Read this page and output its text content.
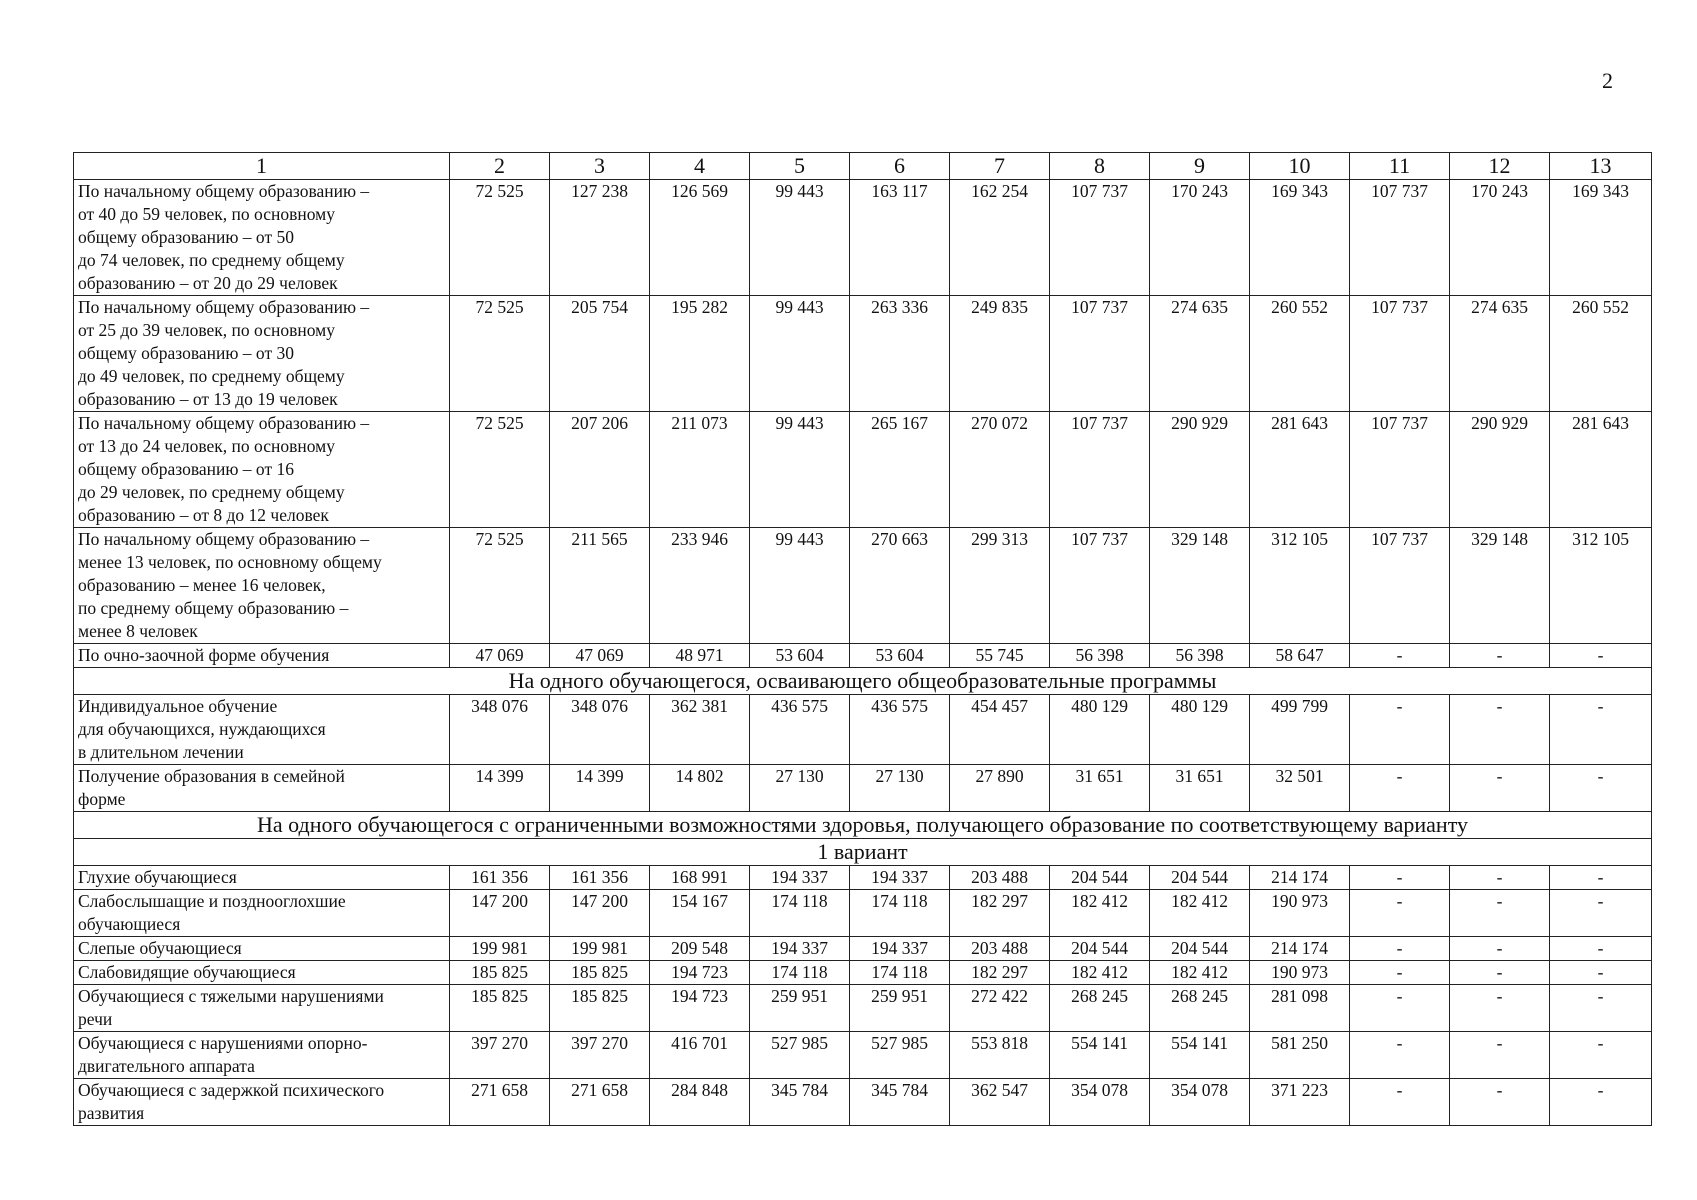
2
1	2	3	4	5	6	7	8	9	10	11	12	13

По начальному общему образованию –
от 40 до 59 человек, по основному
общему образованию – от 50
до 74 человек, по среднему общему
образованию – от 20 до 29 человек	72 525	127 238	126 569	99 443	163 117	162 254	107 737	170 243	169 343	107 737	170 243	169 343

По начальному общему образованию –
от 25 до 39 человек, по основному
общему образованию – от 30
до 49 человек, по среднему общему
образованию – от 13 до 19 человек	72 525	205 754	195 282	99 443	263 336	249 835	107 737	274 635	260 552	107 737	274 635	260 552

По начальному общему образованию –
от 13 до 24 человек, по основному
общему образованию – от 16
до 29 человек, по среднему общему
образованию – от 8 до 12 человек	72 525	207 206	211 073	99 443	265 167	270 072	107 737	290 929	281 643	107 737	290 929	281 643

По начальному общему образованию –
менее 13 человек, по основному общему
образованию – менее 16 человек,
по среднему общему образованию –
менее 8 человек	72 525	211 565	233 946	99 443	270 663	299 313	107 737	329 148	312 105	107 737	329 148	312 105

По очно-заочной форме обучения	47 069	47 069	48 971	53 604	53 604	55 745	56 398	56 398	58 647	-	-	-
На одного обучающегося, осваивающего общеобразовательные программы												

Индивидуальное обучение
для обучающихся, нуждающихся
в длительном лечении	348 076	348 076	362 381	436 575	436 575	454 457	480 129	480 129	499 799	-	-	-

Получение образования в семейной
форме	14 399	14 399	14 802	27 130	27 130	27 890	31 651	31 651	32 501	-	-	-
На одного обучающегося с ограниченными возможностями здоровья, получающего образование по соответствующему варианту												
1 вариант												

Глухие обучающиеся	161 356	161 356	168 991	194 337	194 337	203 488	204 544	204 544	214 174	-	-	-

Слабослышащие и позднооглохшие
обучающиеся	147 200	147 200	154 167	174 118	174 118	182 297	182 412	182 412	190 973	-	-	-

Слепые обучающиеся	199 981	199 981	209 548	194 337	194 337	203 488	204 544	204 544	214 174	-	-	-

Слабовидящие обучающиеся	185 825	185 825	194 723	174 118	174 118	182 297	182 412	182 412	190 973	-	-	-

Обучающиеся с тяжелыми нарушениями
речи	185 825	185 825	194 723	259 951	259 951	272 422	268 245	268 245	281 098	-	-	-

Обучающиеся с нарушениями опорно-
двигательного аппарата	397 270	397 270	416 701	527 985	527 985	553 818	554 141	554 141	581 250	-	-	-

Обучающиеся с задержкой психического
развития	271 658	271 658	284 848	345 784	345 784	362 547	354 078	354 078	371 223	-	-	-
